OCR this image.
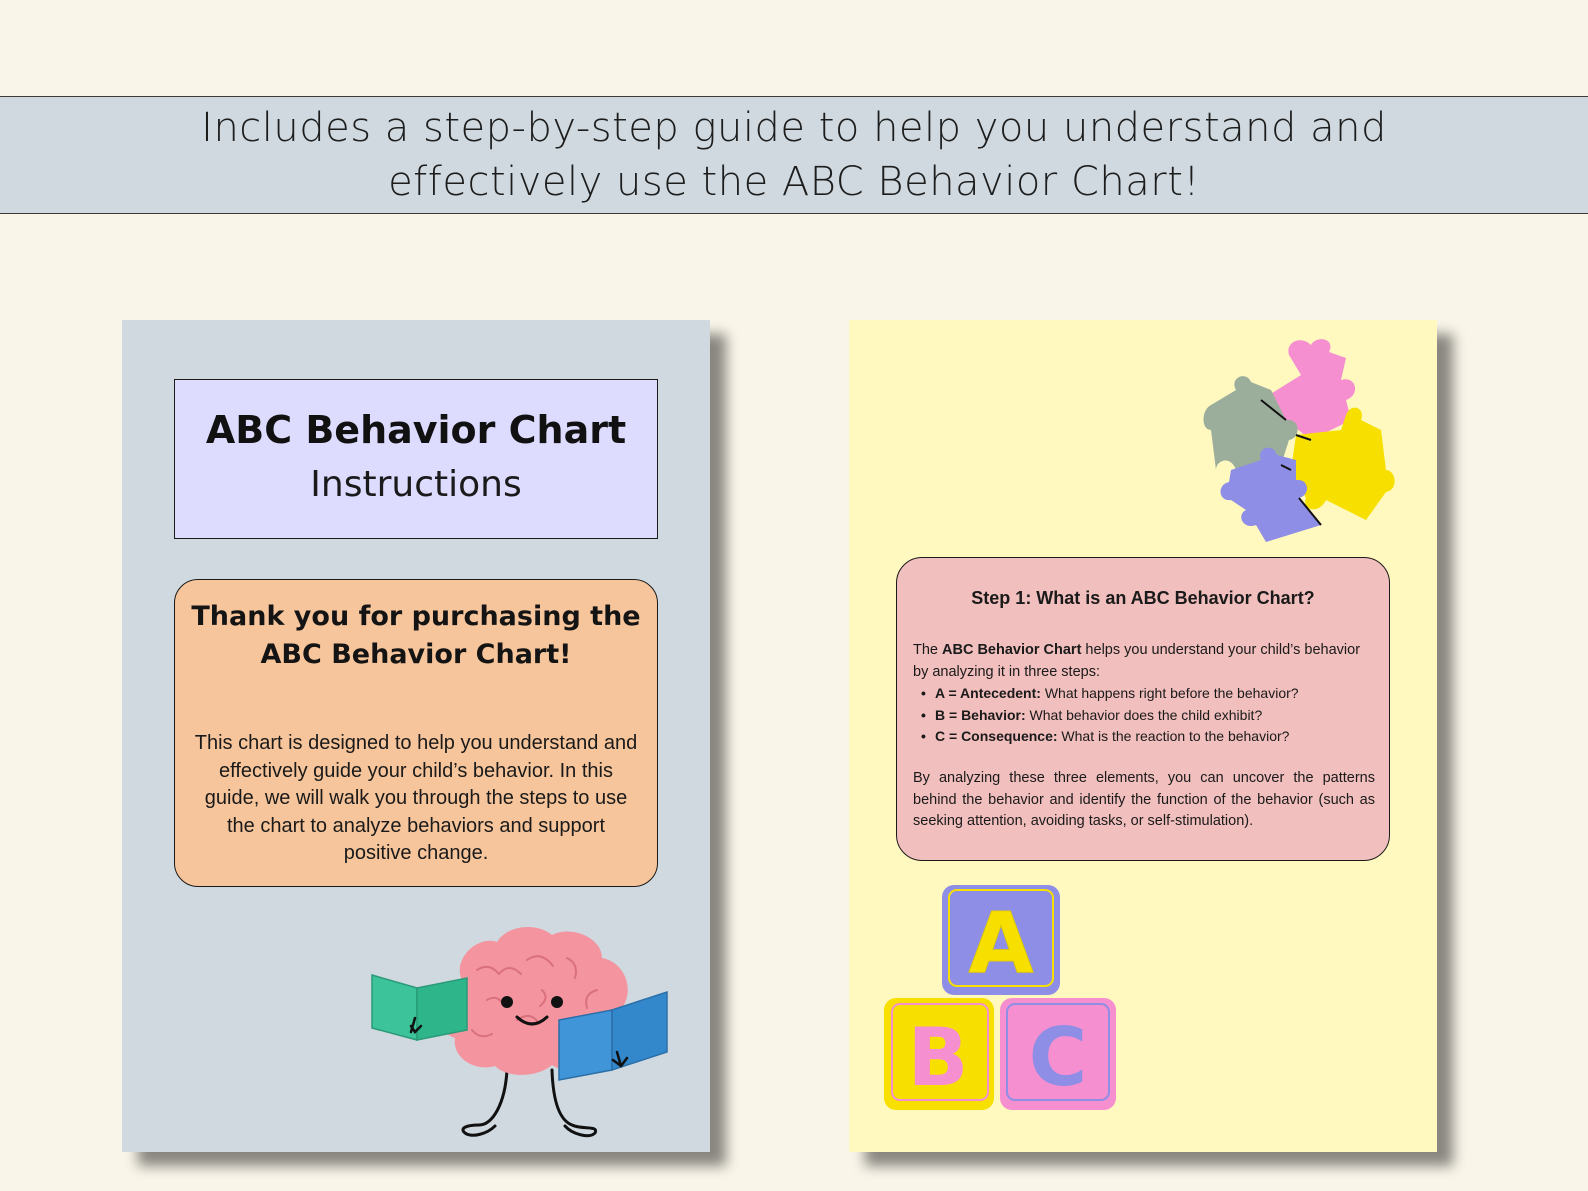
Includes a step-by-step guide to help you understand and
effectively use the ABC Behavior Chart!
ABC Behavior Chart
Instructions
Thank you for purchasing the
ABC Behavior Chart!
This chart is designed to help you understand and effectively guide your child’s behavior. In this guide, we will walk you through the steps to use the chart to analyze behaviors and support positive change.
Step 1: What is an ABC Behavior Chart?
The ABC Behavior Chart helps you understand your child’s behavior by analyzing it in three steps:
• A = Antecedent: What happens right before the behavior?
• B = Behavior: What behavior does the child exhibit?
• C = Consequence: What is the reaction to the behavior?
By analyzing these three elements, you can uncover the patterns behind the behavior and identify the function of the behavior (such as seeking attention, avoiding tasks, or self-stimulation).
A
B C
